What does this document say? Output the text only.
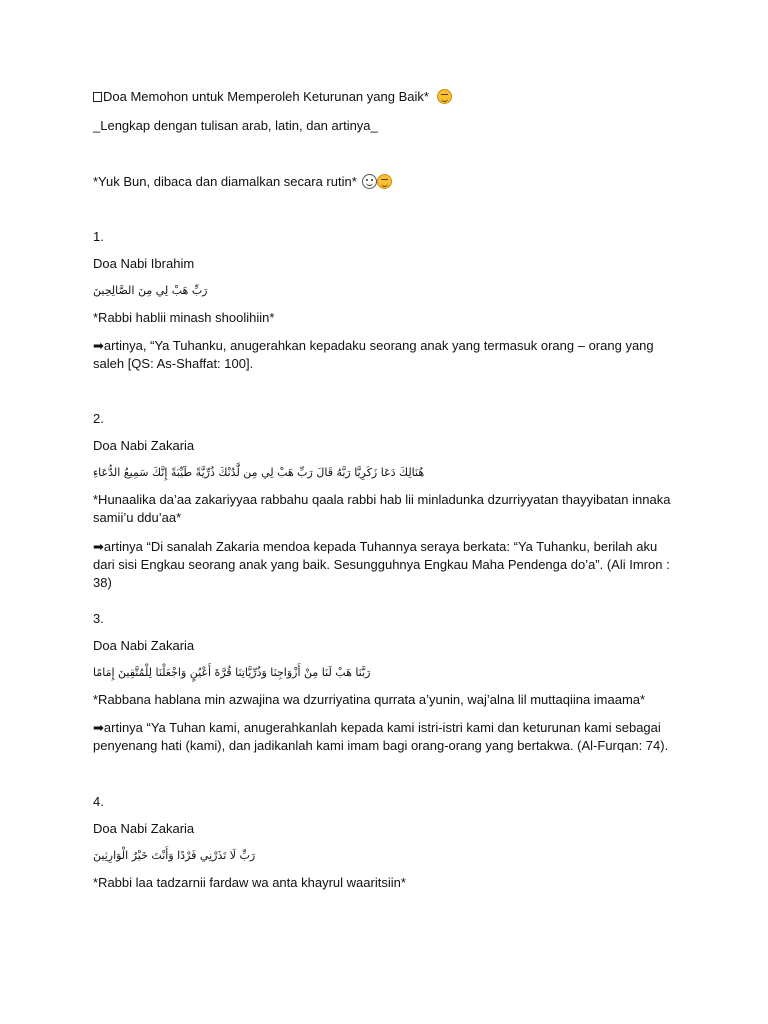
Doa Memohon untuk Memperoleh Keturunan yang Baik*
_Lengkap dengan tulisan arab, latin, dan artinya_
*Yuk Bun, dibaca dan diamalkan secara rutin*
1.
Doa Nabi Ibrahim
رَبِّ هَبْ لِي مِنَ الصَّالِحِينَ
*Rabbi hablii minash shoolihiin*
➡artinya, “Ya Tuhanku, anugerahkan kepadaku seorang anak yang termasuk orang – orang yang saleh [QS: As-Shaffat: 100].
2.
Doa Nabi Zakaria
هُنَالِكَ دَعَا زَكَرِيَّا رَبَّهُ قَالَ رَبِّ هَبْ لِي مِن لَّدُنْكَ ذُرِّيَّةً طَيِّبَةً إِنَّكَ سَمِيعُ الدُّعَاءِ
*Hunaalika da’aa zakariyyaa rabbahu qaala rabbi hab lii minladunka dzurriyyatan thayyibatan innaka samii’u ddu’aa*
➡artinya “Di sanalah Zakaria mendoa kepada Tuhannya seraya berkata: “Ya Tuhanku, berilah aku dari sisi Engkau seorang anak yang baik. Sesungguhnya Engkau Maha Pendenga do’a”. (Ali Imron : 38)
3.
Doa Nabi Zakaria
رَبَّنَا هَبْ لَنَا مِنْ أَزْوَاجِنَا وَذُرِّيَّاتِنَا قُرَّةَ أَعْيُنٍ وَاجْعَلْنَا لِلْمُتَّقِينَ إِمَامًا
*Rabbana hablana min azwajina wa dzurriyatina qurrata a’yunin, waj’alna lil muttaqiina imaama*
➡artinya “Ya Tuhan kami, anugerahkanlah kepada kami istri-istri kami dan keturunan kami sebagai penyenang hati (kami), dan jadikanlah kami imam bagi orang-orang yang bertakwa. (Al-Furqan: 74).
4.
Doa Nabi Zakaria
رَبِّ لَا تَذَرْنِي فَرْدًا وَأَنْتَ خَيْرُ الْوَارِثِينَ
*Rabbi laa tadzarnii fardaw wa anta khayrul waaritsiin*
